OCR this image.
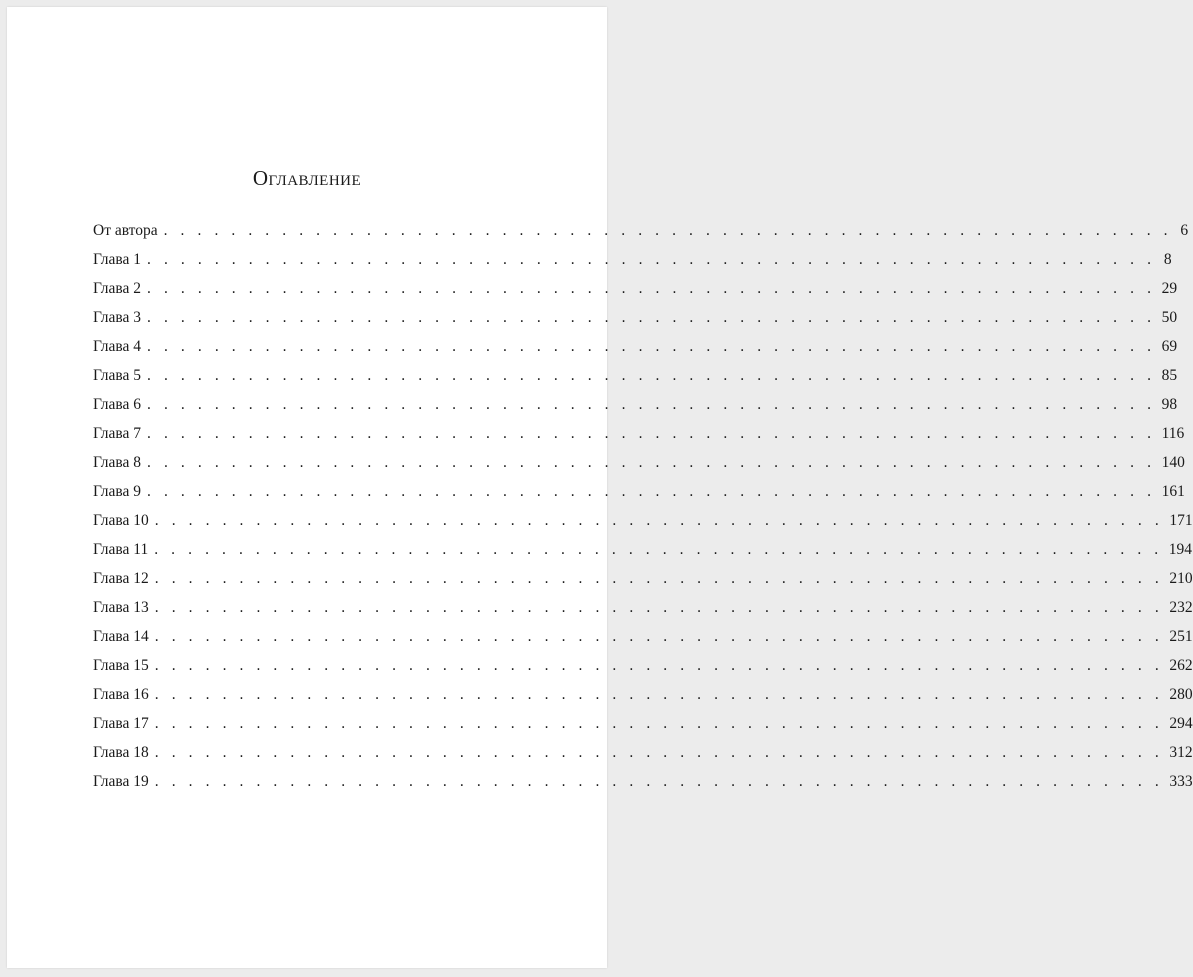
Оглавление
От автора . . . . . . . . . . . . . . . . . . . . . . . . . . . . . . . . . . . . . . . . . . . . . . . . . . . . . . . . . . . . 6
Глава 1 . . . . . . . . . . . . . . . . . . . . . . . . . . . . . . . . . . . . . . . . . . . . . . . . . . . . . . . . . . . . 8
Глава 2 . . . . . . . . . . . . . . . . . . . . . . . . . . . . . . . . . . . . . . . . . . . . . . . . . . . . . . . . . . . . 29
Глава 3 . . . . . . . . . . . . . . . . . . . . . . . . . . . . . . . . . . . . . . . . . . . . . . . . . . . . . . . . . . . . 50
Глава 4 . . . . . . . . . . . . . . . . . . . . . . . . . . . . . . . . . . . . . . . . . . . . . . . . . . . . . . . . . . . . 69
Глава 5 . . . . . . . . . . . . . . . . . . . . . . . . . . . . . . . . . . . . . . . . . . . . . . . . . . . . . . . . . . . . 85
Глава 6 . . . . . . . . . . . . . . . . . . . . . . . . . . . . . . . . . . . . . . . . . . . . . . . . . . . . . . . . . . . . 98
Глава 7 . . . . . . . . . . . . . . . . . . . . . . . . . . . . . . . . . . . . . . . . . . . . . . . . . . . . . . . . . . . . 116
Глава 8 . . . . . . . . . . . . . . . . . . . . . . . . . . . . . . . . . . . . . . . . . . . . . . . . . . . . . . . . . . . . 140
Глава 9 . . . . . . . . . . . . . . . . . . . . . . . . . . . . . . . . . . . . . . . . . . . . . . . . . . . . . . . . . . . . 161
Глава 10 . . . . . . . . . . . . . . . . . . . . . . . . . . . . . . . . . . . . . . . . . . . . . . . . . . . . . . . . . . . . 171
Глава 11 . . . . . . . . . . . . . . . . . . . . . . . . . . . . . . . . . . . . . . . . . . . . . . . . . . . . . . . . . . . . 194
Глава 12 . . . . . . . . . . . . . . . . . . . . . . . . . . . . . . . . . . . . . . . . . . . . . . . . . . . . . . . . . . . . 210
Глава 13 . . . . . . . . . . . . . . . . . . . . . . . . . . . . . . . . . . . . . . . . . . . . . . . . . . . . . . . . . . . . 232
Глава 14 . . . . . . . . . . . . . . . . . . . . . . . . . . . . . . . . . . . . . . . . . . . . . . . . . . . . . . . . . . . . 251
Глава 15 . . . . . . . . . . . . . . . . . . . . . . . . . . . . . . . . . . . . . . . . . . . . . . . . . . . . . . . . . . . . 262
Глава 16 . . . . . . . . . . . . . . . . . . . . . . . . . . . . . . . . . . . . . . . . . . . . . . . . . . . . . . . . . . . . 280
Глава 17 . . . . . . . . . . . . . . . . . . . . . . . . . . . . . . . . . . . . . . . . . . . . . . . . . . . . . . . . . . . . 294
Глава 18 . . . . . . . . . . . . . . . . . . . . . . . . . . . . . . . . . . . . . . . . . . . . . . . . . . . . . . . . . . . . 312
Глава 19 . . . . . . . . . . . . . . . . . . . . . . . . . . . . . . . . . . . . . . . . . . . . . . . . . . . . . . . . . . . . 333
